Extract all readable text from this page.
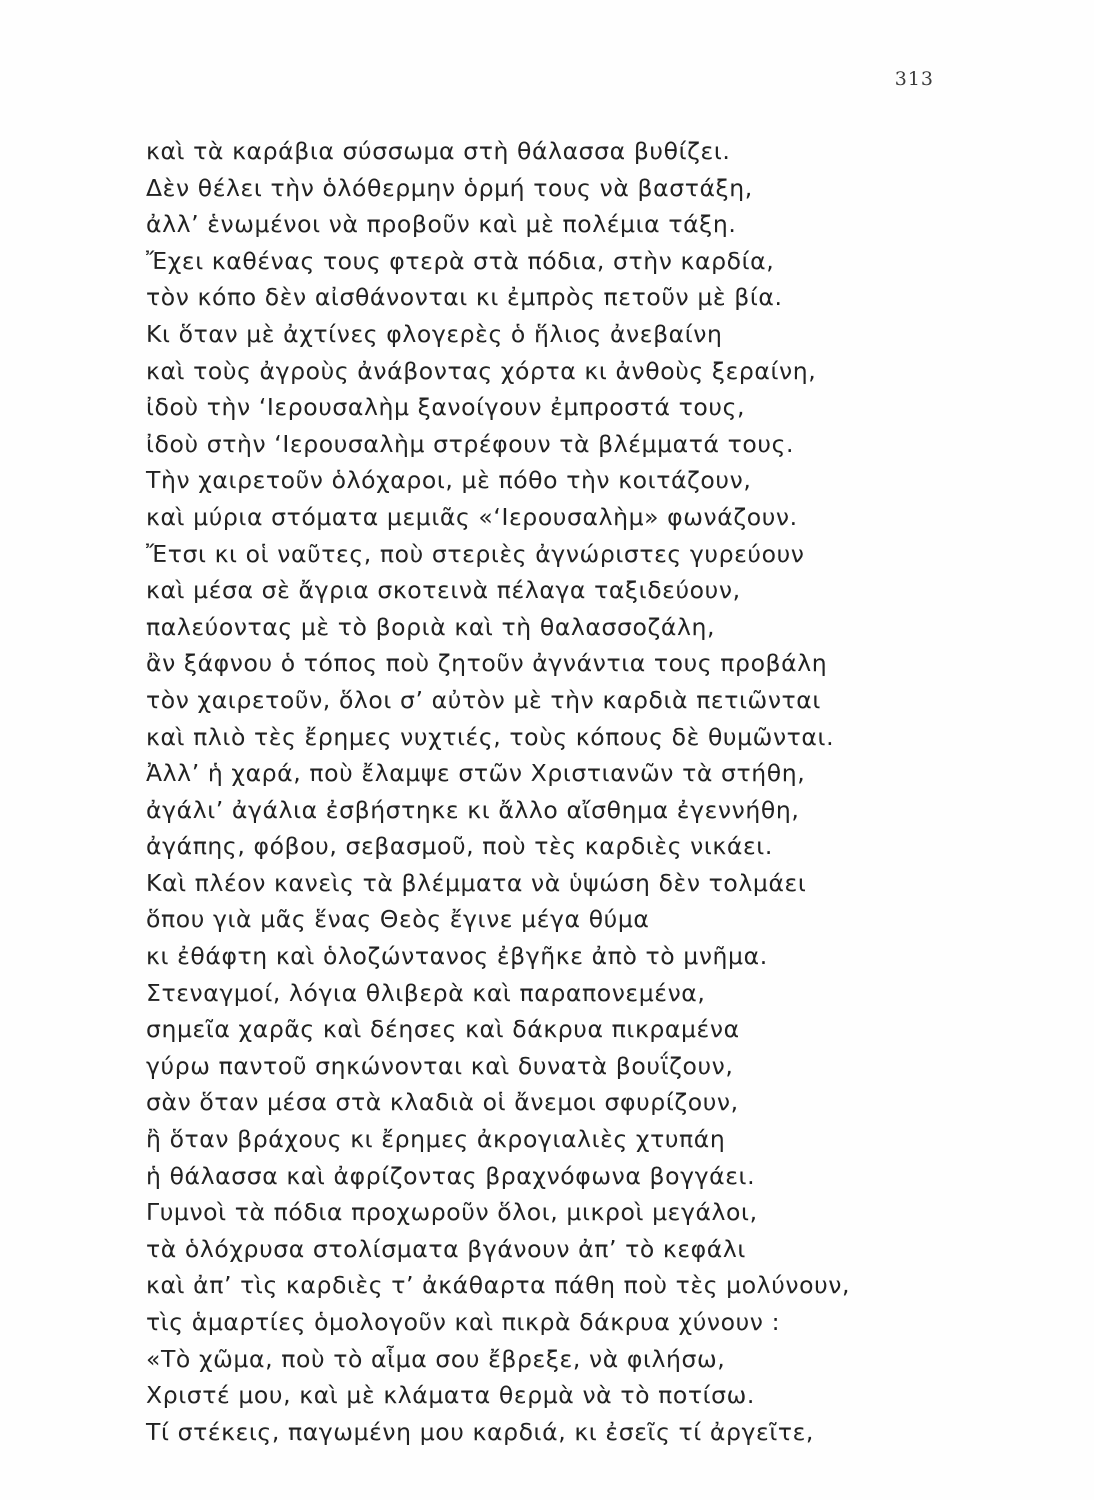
313
καὶ τὰ καράβια σύσσωμα στὴ θάλασσα βυθίζει.
Δὲν θέλει τὴν ὁλόθερμην ὁρμή τους νὰ βαστάξη,
ἀλλ’ ἑνωμένοι νὰ προβοῦν καὶ μὲ πολέμια τάξη.
Ἔχει καθένας τους φτερὰ στὰ πόδια, στὴν καρδία,
τὸν κόπο δὲν αἰσθάνονται κι ἐμπρὸς πετοῦν μὲ βία.
Κι ὅταν μὲ ἀχτίνες φλογερὲς ὁ ἥλιος ἀνεβαίνη
καὶ τοὺς ἀγροὺς ἀνάβοντας χόρτα κι ἀνθοὺς ξεραίνη,
ἰδοὺ τὴν ‘Ιερουσαλὴμ ξανοίγουν ἐμπροστά τους,
ἰδοὺ στὴν ‘Ιερουσαλὴμ στρέφουν τὰ βλέμματά τους.
Τὴν χαιρετοῦν ὁλόχαροι, μὲ πόθο τὴν κοιτάζουν,
καὶ μύρια στόματα μεμιᾶς «‘Ιερουσαλὴμ» φωνάζουν.
Ἔτσι κι οἱ ναῦτες, ποὺ στεριὲς ἀγνώριστες γυρεύουν
καὶ μέσα σὲ ἄγρια σκοτεινὰ πέλαγα ταξιδεύουν,
παλεύοντας μὲ τὸ βοριὰ καὶ τὴ θαλασσοζάλη,
ἂν ξάφνου ὁ τόπος ποὺ ζητοῦν ἀγνάντια τους προβάλη
τὸν χαιρετοῦν, ὅλοι σ’ αὐτὸν μὲ τὴν καρδιὰ πετιῶνται
καὶ πλιὸ τὲς ἔρημες νυχτιές, τοὺς κόπους δὲ θυμῶνται.
Ἀλλ’ ἡ χαρά, ποὺ ἔλαμψε στῶν Χριστιανῶν τὰ στήθη,
ἀγάλι’ ἀγάλια ἐσβήστηκε κι ἄλλο αἴσθημα ἐγεννήθη,
ἀγάπης, φόβου, σεβασμοῦ, ποὺ τὲς καρδιὲς νικάει.
Καὶ πλέον κανεὶς τὰ βλέμματα νὰ ὑψώση δὲν τολμάει
ὅπου γιὰ μᾶς ἕνας Θεὸς ἔγινε μέγα θύμα
κι ἐθάφτη καὶ ὁλοζώντανος ἐβγῆκε ἀπὸ τὸ μνῆμα.
Στεναγμοί, λόγια θλιβερὰ καὶ παραπονεμένα,
σημεῖα χαρᾶς καὶ δέησες καὶ δάκρυα πικραμένα
γύρω παντοῦ σηκώνονται καὶ δυνατὰ βουΐζουν,
σὰν ὅταν μέσα στὰ κλαδιὰ οἱ ἄνεμοι σφυρίζουν,
ἢ ὅταν βράχους κι ἔρημες ἀκρογιαλιὲς χτυπάη
ἡ θάλασσα καὶ ἀφρίζοντας βραχνόφωνα βογγάει.
Γυμνοὶ τὰ πόδια προχωροῦν ὅλοι, μικροὶ μεγάλοι,
τὰ ὁλόχρυσα στολίσματα βγάνουν ἀπ’ τὸ κεφάλι
καὶ ἀπ’ τὶς καρδιὲς τ’ ἀκάθαρτα πάθη ποὺ τὲς μολύνουν,
τὶς ἁμαρτίες ὁμολογοῦν καὶ πικρὰ δάκρυα χύνουν :
«Τὸ χῶμα, ποὺ τὸ αἷμα σου ἔβρεξε, νὰ φιλήσω,
Χριστέ μου, καὶ μὲ κλάματα θερμὰ νὰ τὸ ποτίσω.
Τί στέκεις, παγωμένη μου καρδιά, κι ἐσεῖς τί ἀργεῖτε,
